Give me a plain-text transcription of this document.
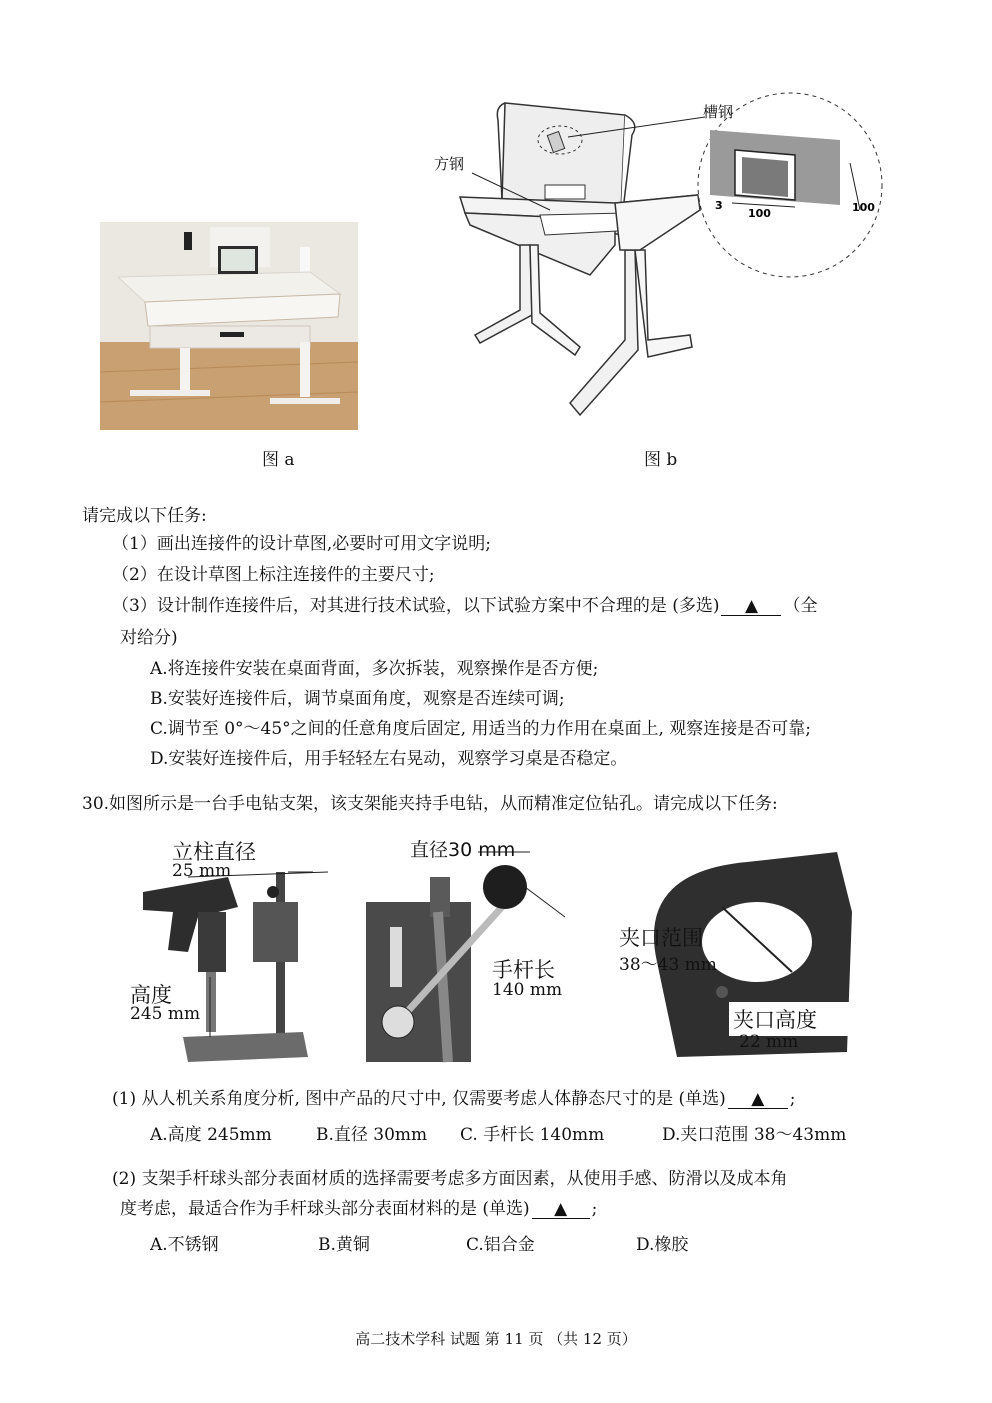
图 a
3
100	100
方钢
槽钢
图 b
请完成以下任务:
（1）画出连接件的设计草图,必要时可用文字说明;
（2）在设计草图上标注连接件的主要尺寸;
（3）设计制作连接件后，对其进行技术试验，以下试验方案中不合理的是 (多选) ▲ （全
对给分)
A.将连接件安装在桌面背面，多次拆装，观察操作是否方便;
B.安装好连接件后，调节桌面角度，观察是否连续可调;
C.调节至 0°～45°之间的任意角度后固定, 用适当的力作用在桌面上, 观察连接是否可靠;
D.安装好连接件后，用手轻轻左右晃动，观察学习桌是否稳定。
30.如图所示是一台手电钻支架，该支架能夹持手电钻，从而精准定位钻孔。请完成以下任务:
立柱直径
25 mm
高度
245 mm
直径30 mm
手杆长
140 mm
夹口范围
38～43 mm
夹口高度
22 mm
(1) 从人机关系角度分析, 图中产品的尺寸中, 仅需要考虑人体静态尺寸的是 (单选) ▲ ;
A.高度 245mm	B.直径 30mm C. 手杆长 140mm	D.夹口范围 38～43mm
(2) 支架手杆球头部分表面材质的选择需要考虑多方面因素，从使用手感、防滑以及成本角
度考虑，最适合作为手杆球头部分表面材料的是 (单选) ▲ ;
A.不锈钢	B.黄铜	C.铝合金	D.橡胶
高二技术学科 试题 第 11 页 （共 12 页）
